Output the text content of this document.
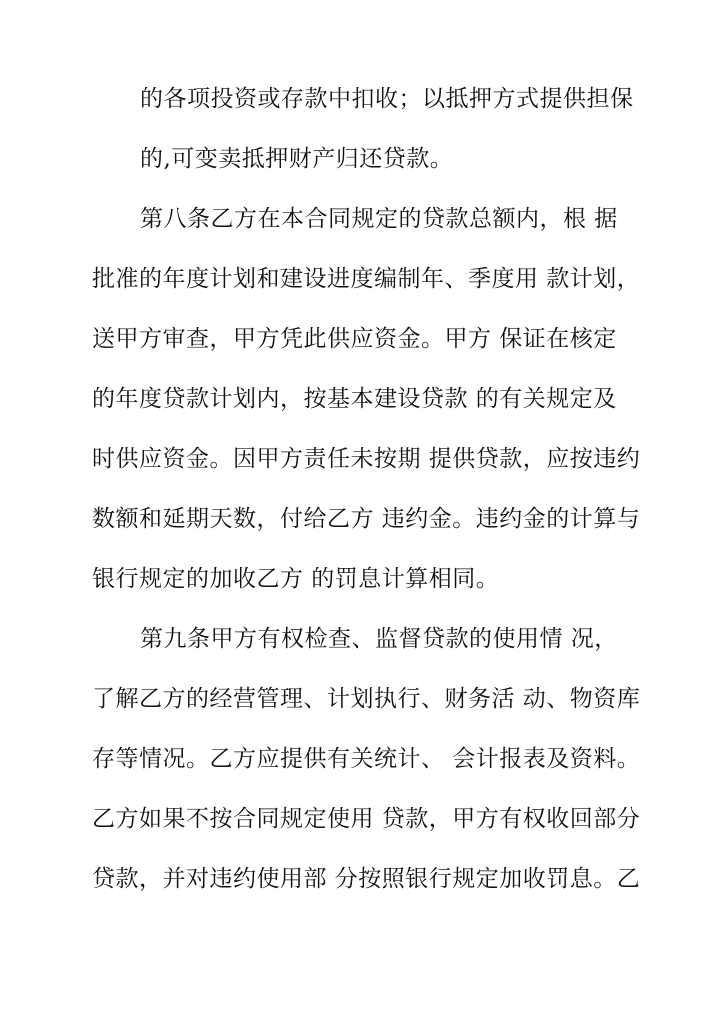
的各项投资或存款中扣收；以抵押方式提供担保
的,可变卖抵押财产归还贷款。
第八条乙方在本合同规定的贷款总额内，根 据
批准的年度计划和建设进度编制年、季度用 款计划，
送甲方审查，甲方凭此供应资金。甲方 保证在核定
的年度贷款计划内，按基本建设贷款 的有关规定及
时供应资金。因甲方责任未按期 提供贷款，应按违约
数额和延期天数，付给乙方 违约金。违约金的计算与
银行规定的加收乙方 的罚息计算相同。
第九条甲方有权检查、监督贷款的使用情 况，
了解乙方的经营管理、计划执行、财务活 动、物资库
存等情况。乙方应提供有关统计、 会计报表及资料。
乙方如果不按合同规定使用 贷款，甲方有权收回部分
贷款，并对违约使用部 分按照银行规定加收罚息。乙
